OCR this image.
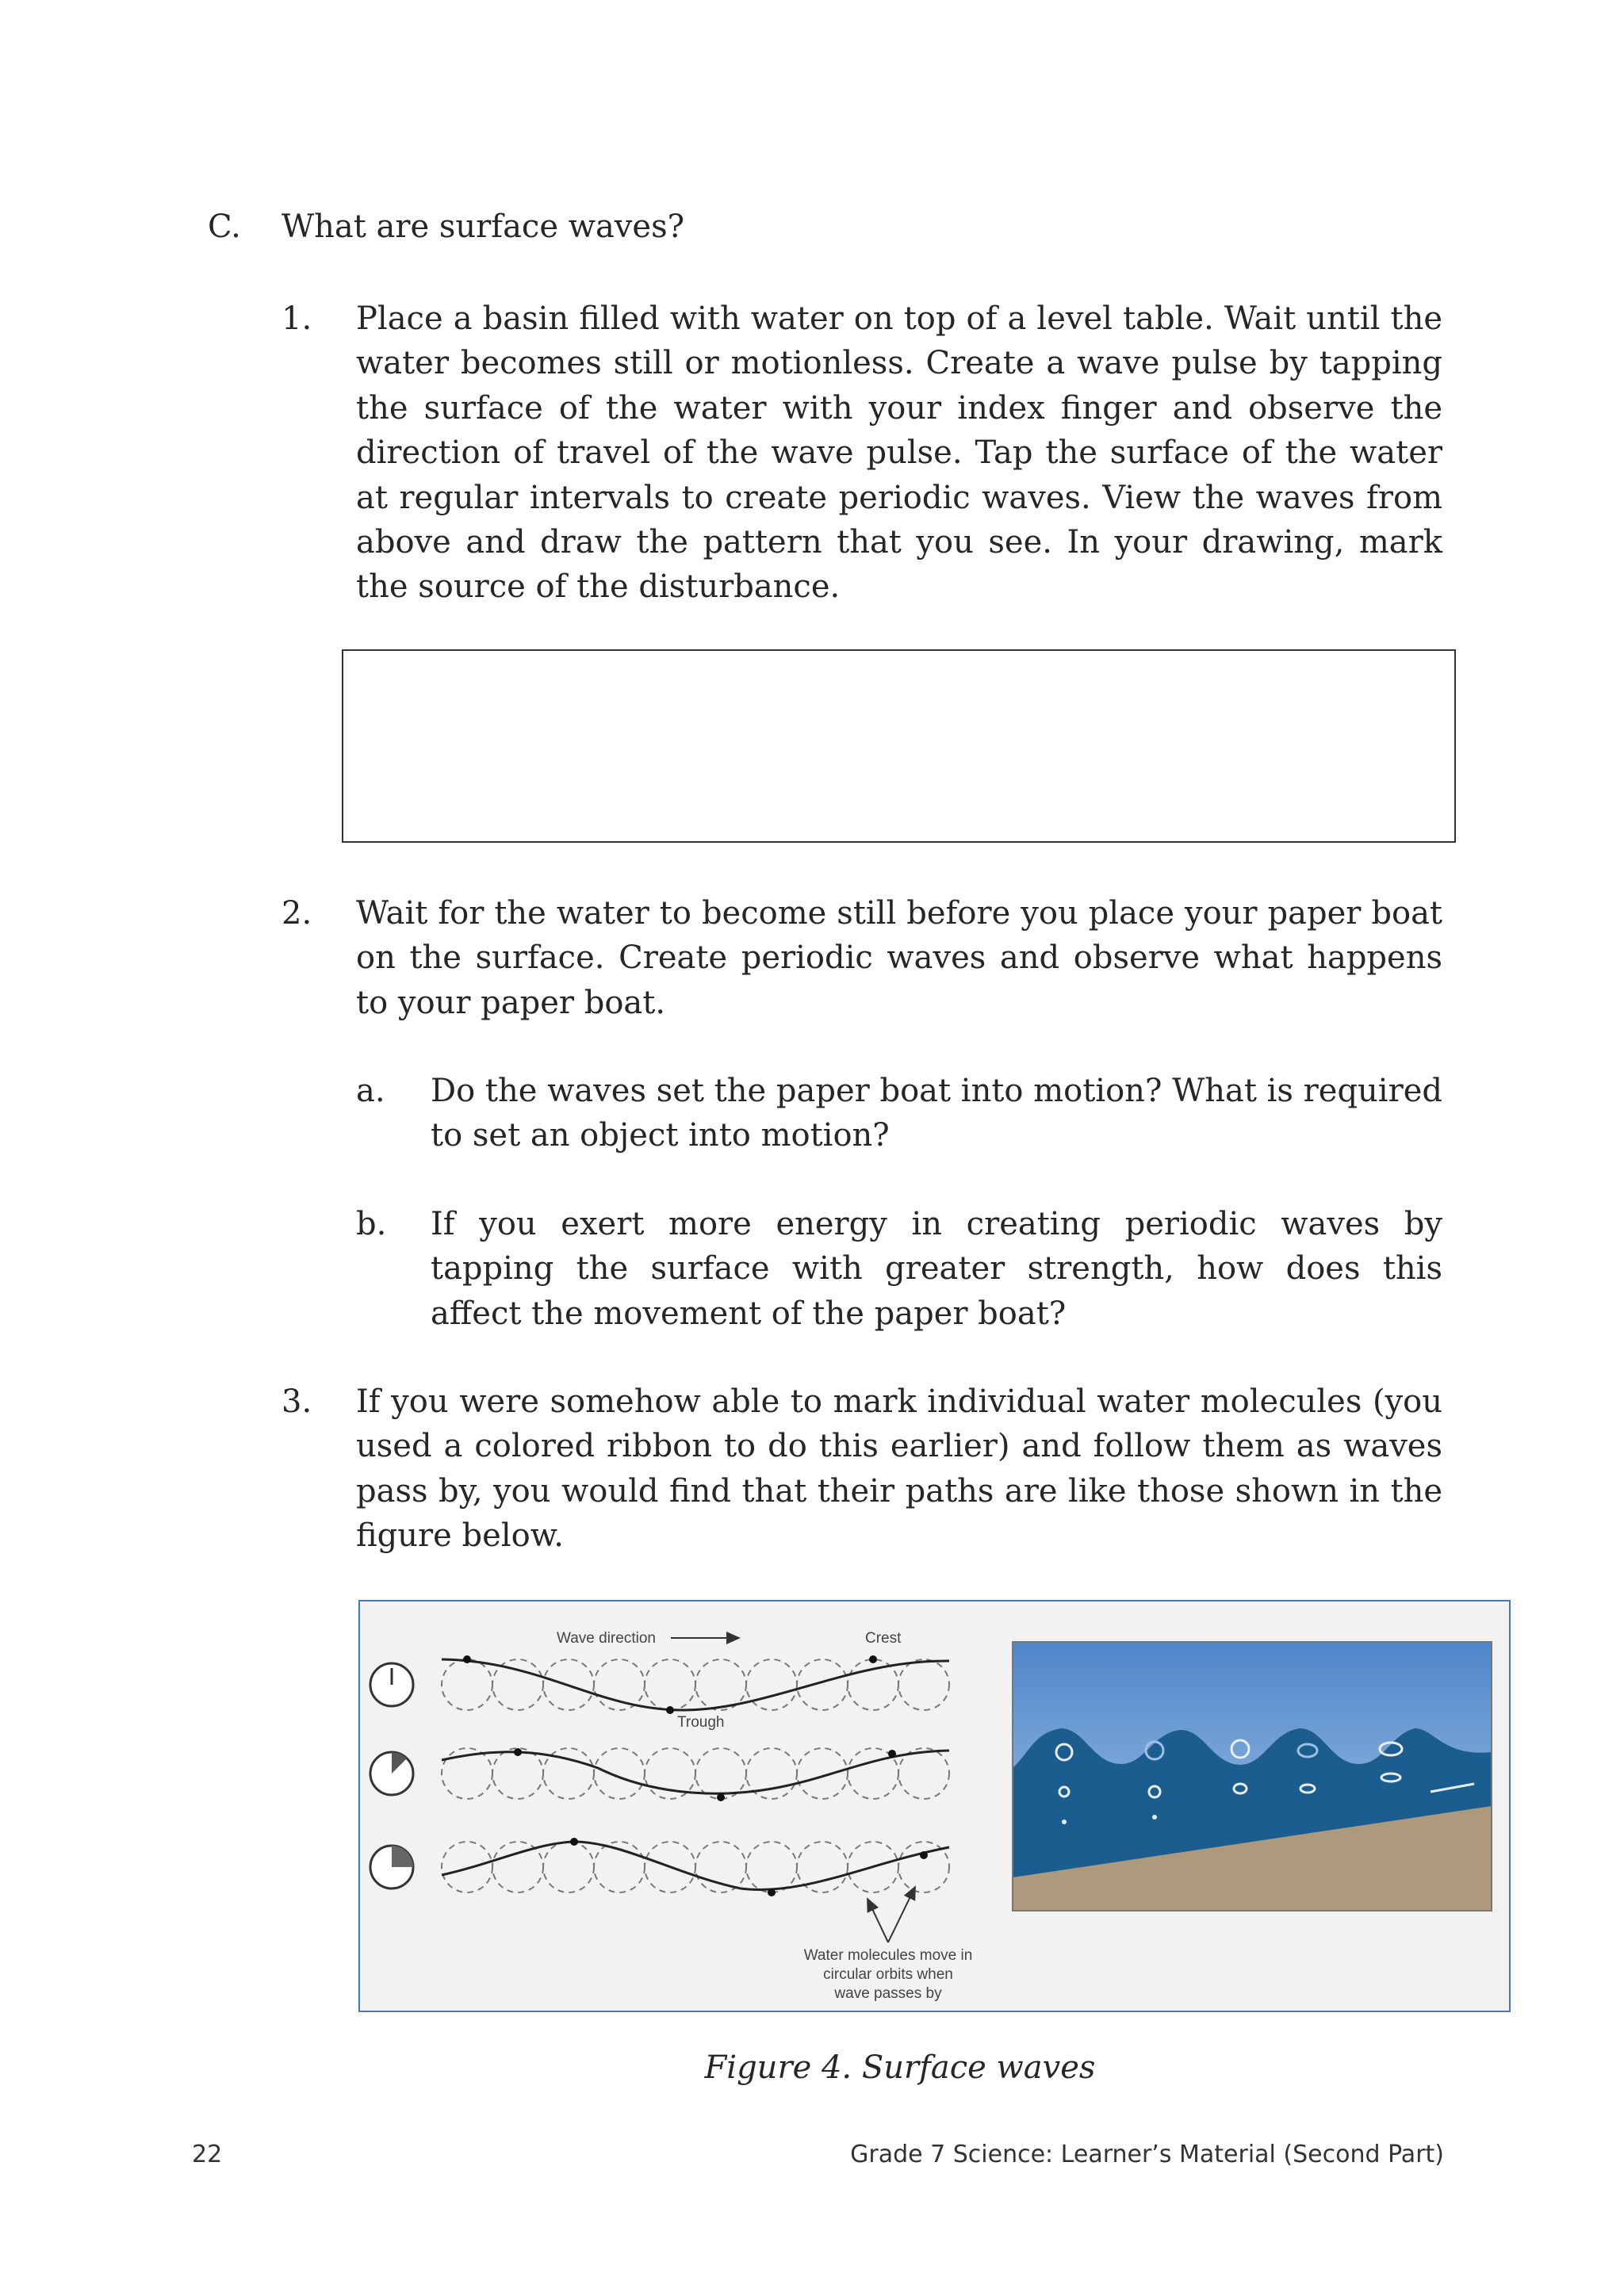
C. What are surface waves?
1. Place a basin filled with water on top of a level table. Wait until the water becomes still or motionless. Create a wave pulse by tapping the surface of the water with your index finger and observe the direction of travel of the wave pulse. Tap the surface of the water at regular intervals to create periodic waves. View the waves from above and draw the pattern that you see. In your drawing, mark the source of the disturbance.

2. Wait for the water to become still before you place your paper boat on the surface. Create periodic waves and observe what happens to your paper boat.

a. Do the waves set the paper boat into motion? What is required to set an object into motion?

b. If you exert more energy in creating periodic waves by tapping the surface with greater strength, how does this affect the movement of the paper boat?

3. If you were somehow able to mark individual water molecules (you used a colored ribbon to do this earlier) and follow them as waves pass by, you would find that their paths are like those shown in the figure below.

Wave direction	Crest
Trough
Water molecules move in
circular orbits when
wave passes by
Figure 4. Surface waves
22	Grade 7 Science: Learner’s Material (Second Part)
